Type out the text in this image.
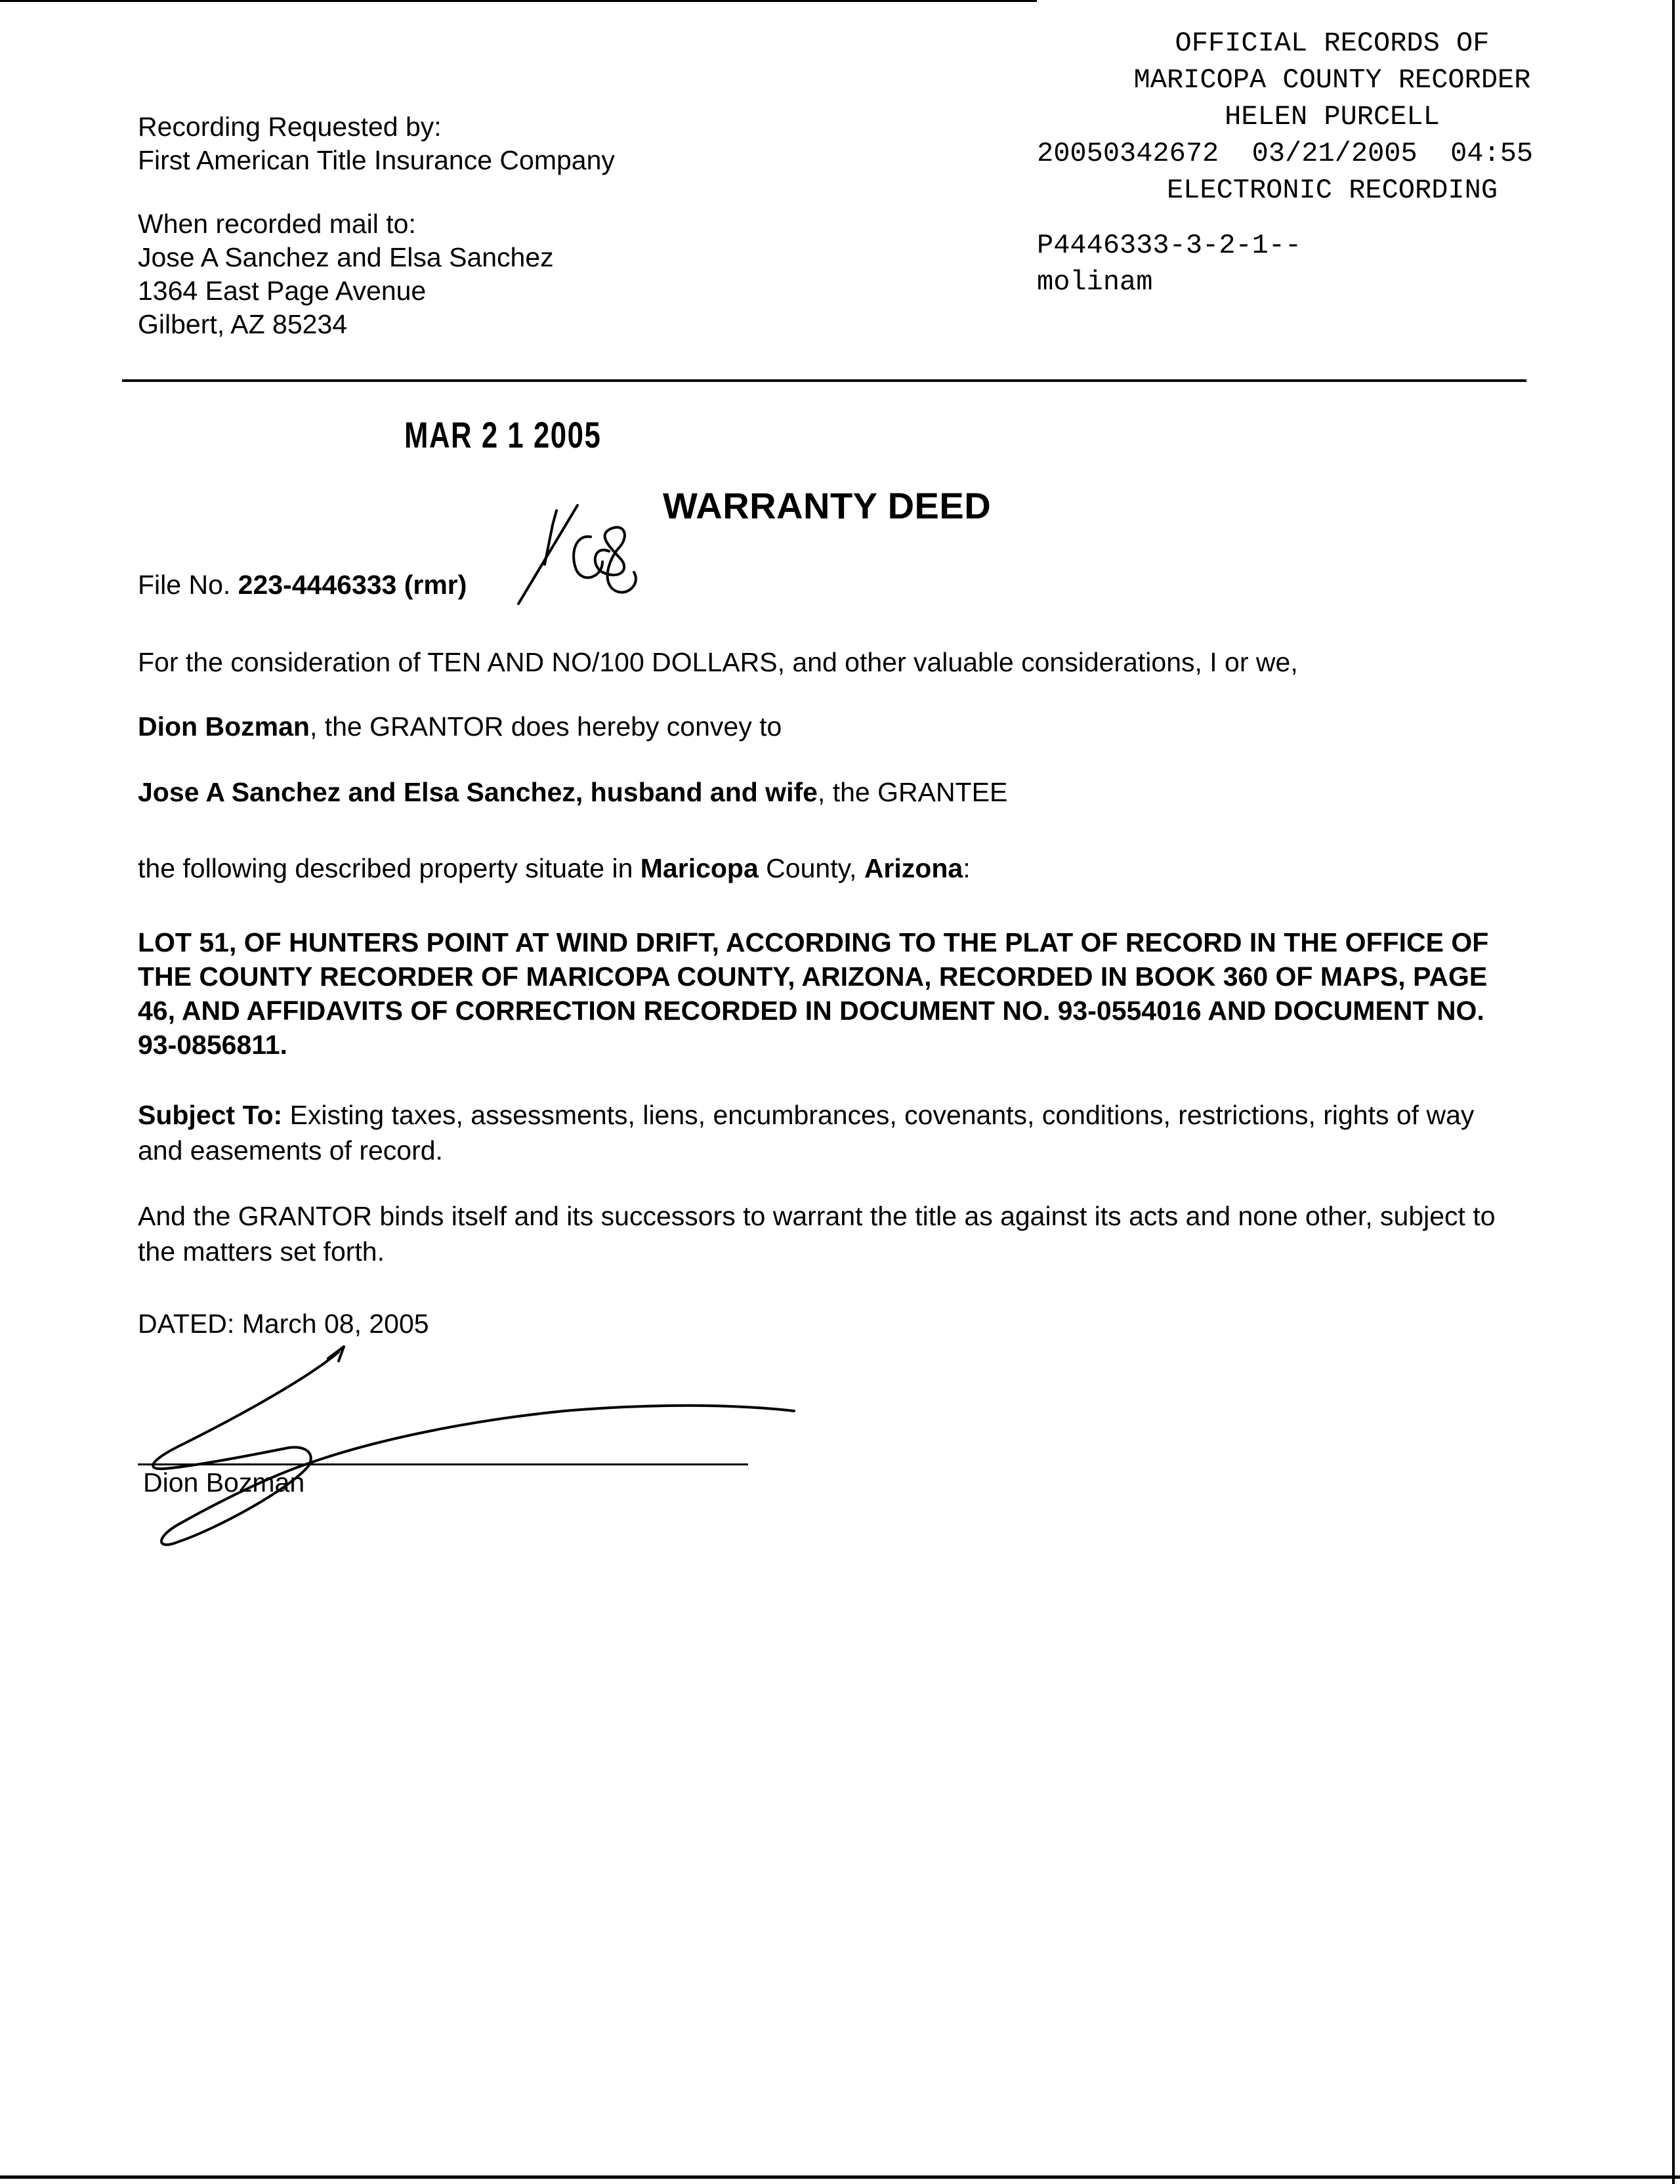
Recording Requested by:
First American Title Insurance Company
When recorded mail to:
Jose A Sanchez and Elsa Sanchez
1364 East Page Avenue
Gilbert, AZ 85234
OFFICIAL RECORDS OF
MARICOPA COUNTY RECORDER
HELEN PURCELL
20050342672  03/21/2005  04:55
ELECTRONIC RECORDING
P4446333-3-2-1--
molinam
MAR 2 1 2005
WARRANTY DEED
File No. 223-4446333 (rmr)
For the consideration of TEN AND NO/100 DOLLARS, and other valuable considerations, I or we,
Dion Bozman, the GRANTOR does hereby convey to
Jose A Sanchez and Elsa Sanchez, husband and wife, the GRANTEE
the following described property situate in Maricopa County, Arizona:
LOT 51, OF HUNTERS POINT AT WIND DRIFT, ACCORDING TO THE PLAT OF RECORD IN THE OFFICE OF THE COUNTY RECORDER OF MARICOPA COUNTY, ARIZONA, RECORDED IN BOOK 360 OF MAPS, PAGE 46, AND AFFIDAVITS OF CORRECTION RECORDED IN DOCUMENT NO. 93-0554016 AND DOCUMENT NO. 93-0856811.
Subject To: Existing taxes, assessments, liens, encumbrances, covenants, conditions, restrictions, rights of way and easements of record.
And the GRANTOR binds itself and its successors to warrant the title as against its acts and none other, subject to the matters set forth.
DATED: March 08, 2005
Dion Bozman
